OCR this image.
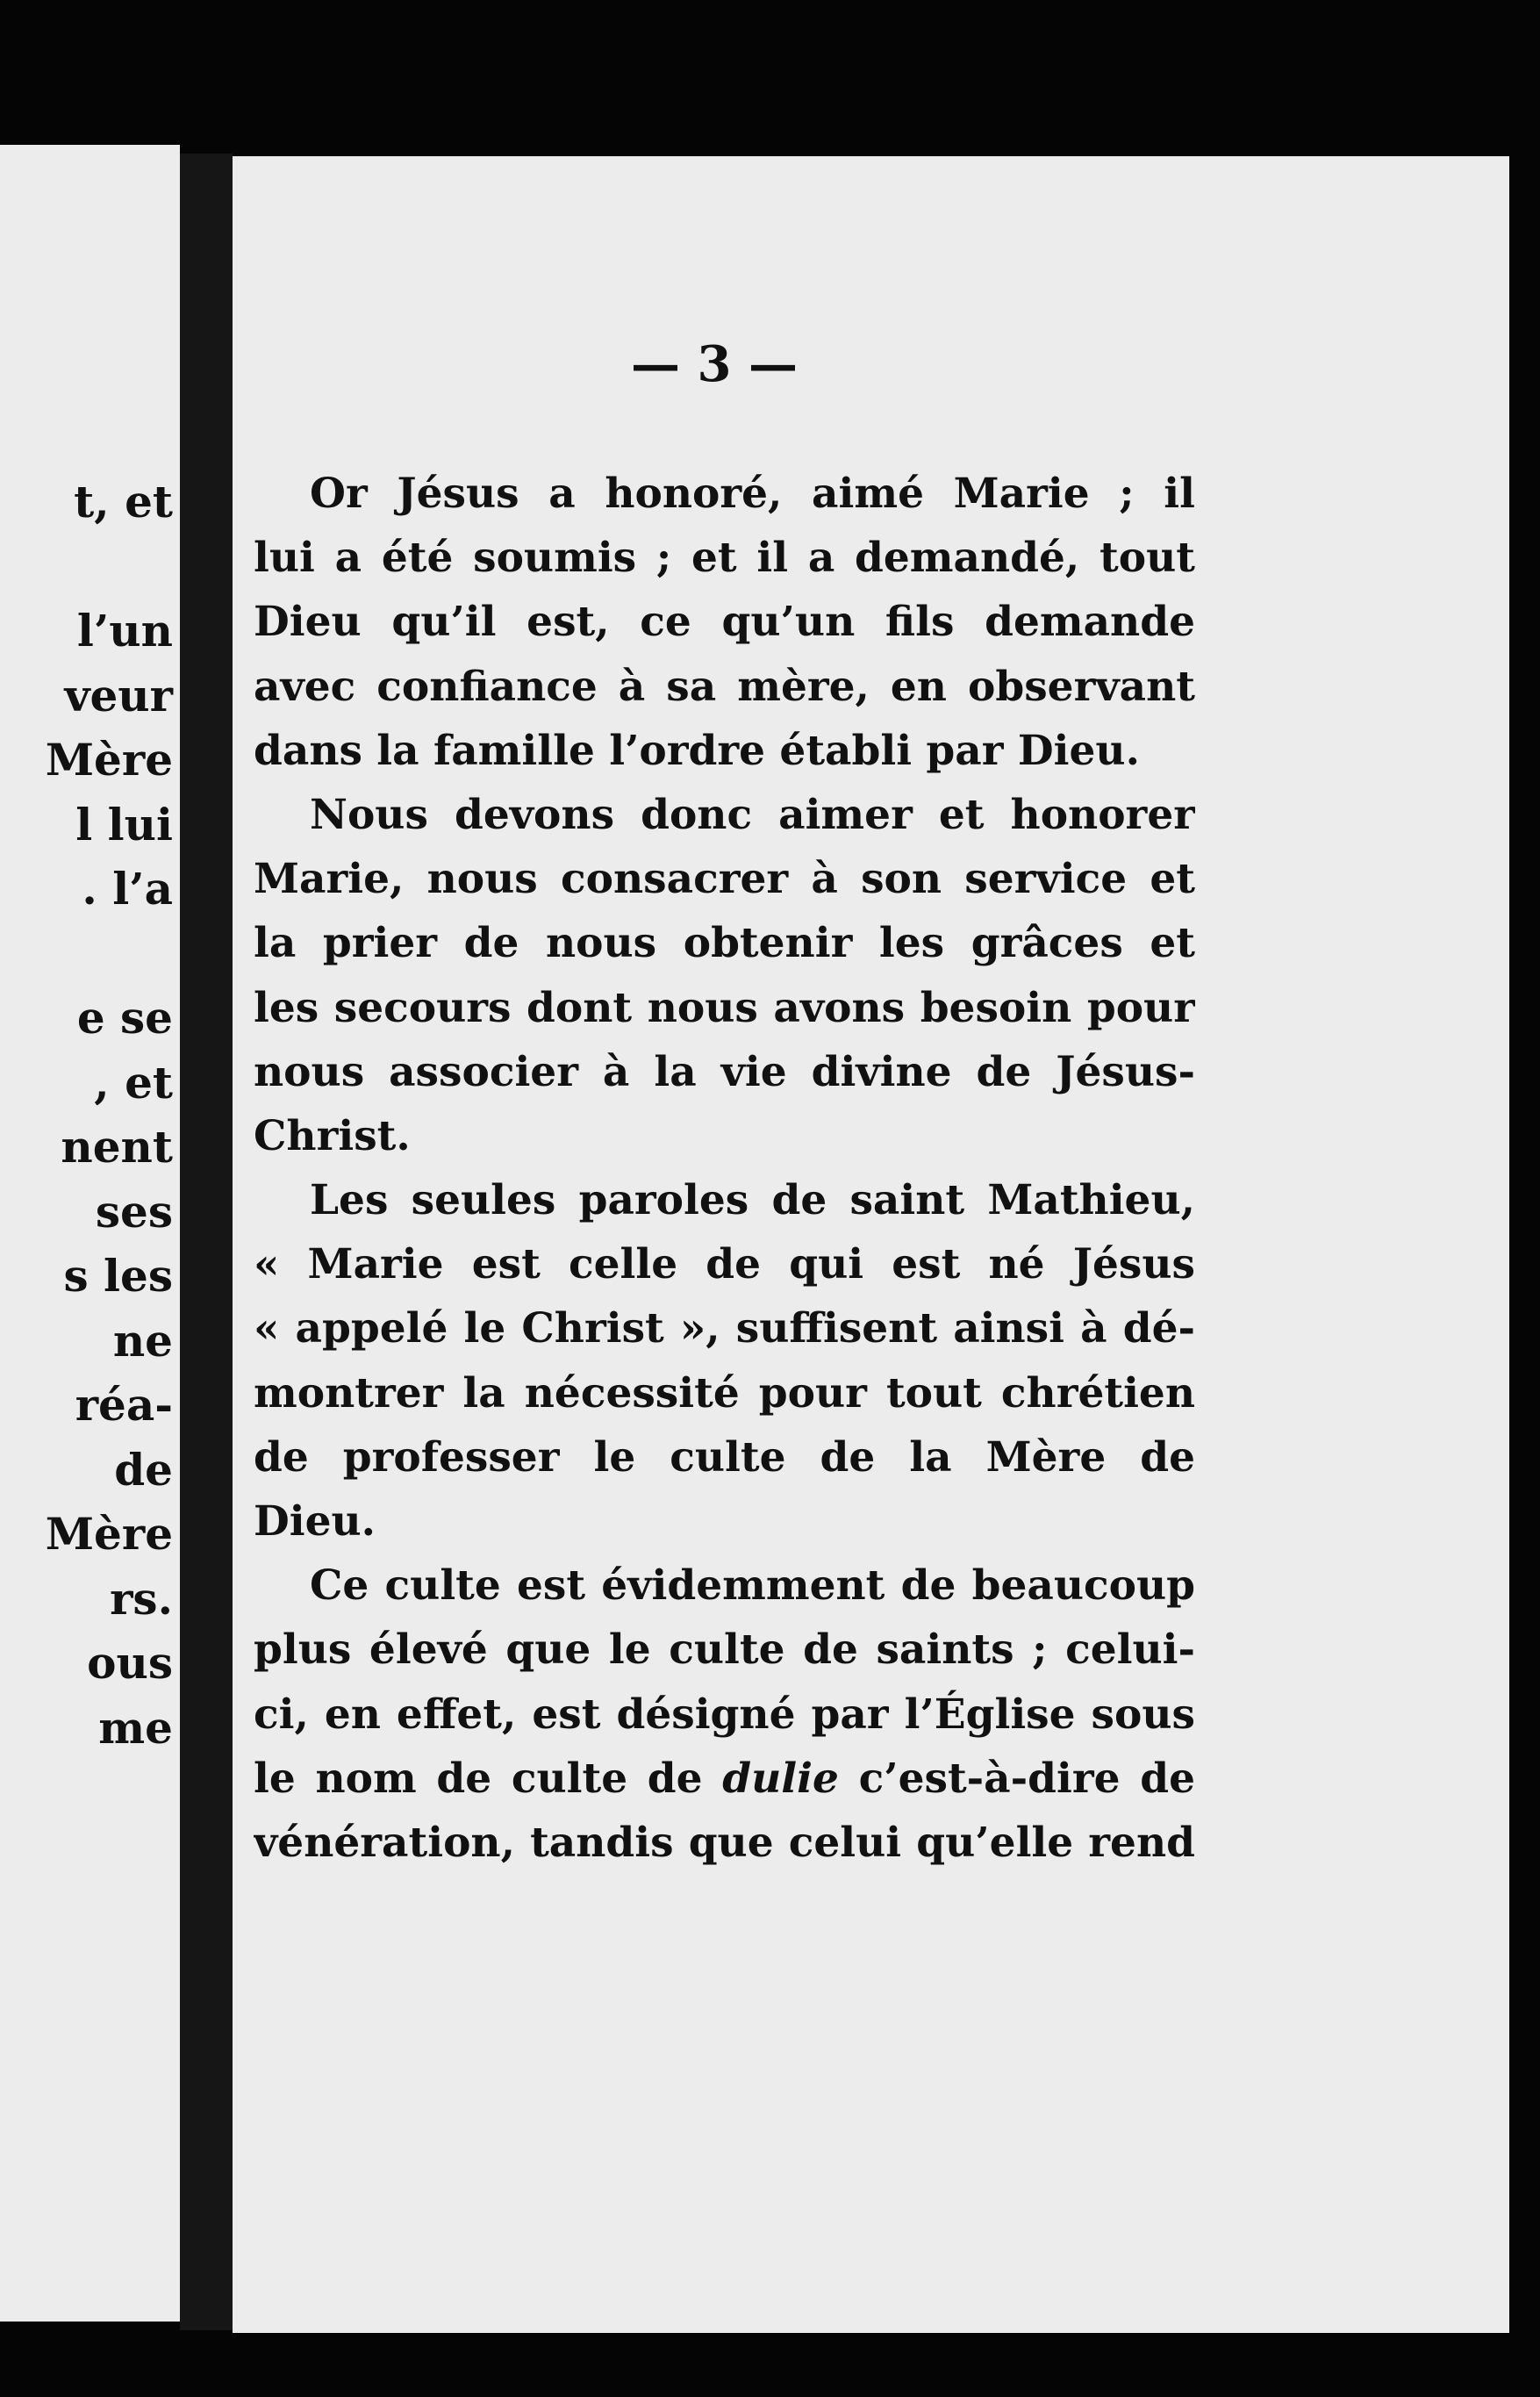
t, et
l’un
veur
Mère
l lui
. l’a
e se
, et
nent
ses
s les
ne
réa-
de
Mère
rs.
ous
me

— 3 —

Or Jésus a honoré, aimé Marie ; il
lui a été soumis ; et il a demandé, tout
Dieu qu’il est, ce qu’un fils demande
avec confiance à sa mère, en observant
dans la famille l’ordre établi par Dieu.
Nous devons donc aimer et honorer
Marie, nous consacrer à son service et
la prier de nous obtenir les grâces et
les secours dont nous avons besoin pour
nous associer à la vie divine de Jésus-
Christ.
Les seules paroles de saint Mathieu,
« Marie est celle de qui est né Jésus
« appelé le Christ », suffisent ainsi à dé-
montrer la nécessité pour tout chrétien
de professer le culte de la Mère de
Dieu.
Ce culte est évidemment de beaucoup
plus élevé que le culte de saints ; celui-
ci, en effet, est désigné par l’Église sous
le nom de culte de dulie c’est-à-dire de
vénération, tandis que celui qu’elle rend
